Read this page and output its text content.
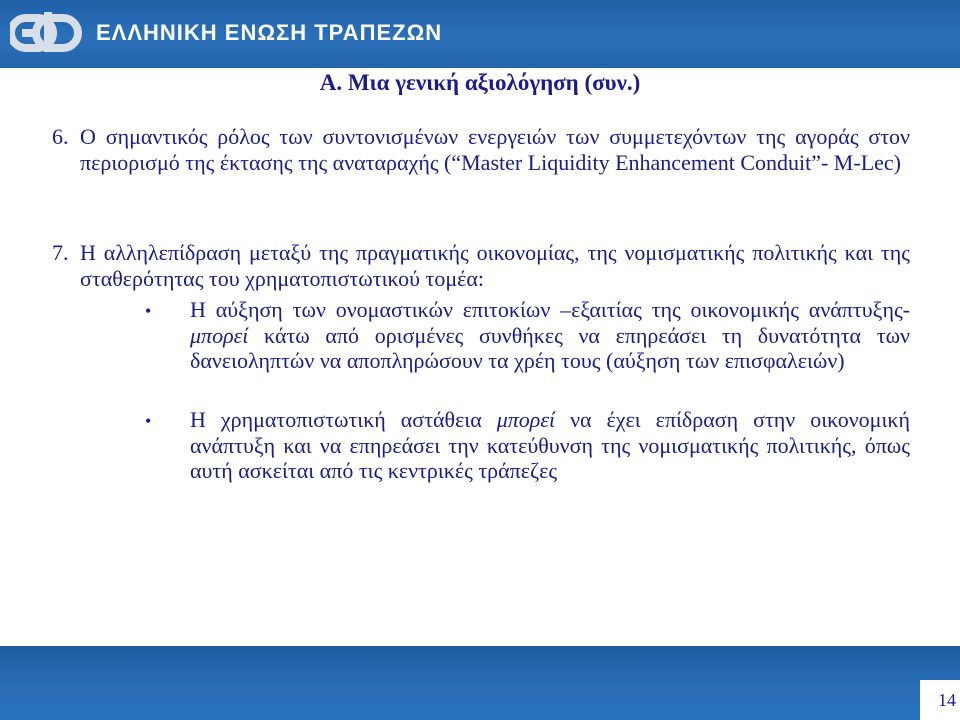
ΕΛΛΗΝΙΚΗ ΕΝΩΣΗ ΤΡΑΠΕΖΩΝ
Α. Μια γενική αξιολόγηση (συν.)
6. Ο σημαντικός ρόλος των συντονισμένων ενεργειών των συμμετεχόντων της αγοράς στον περιορισμό της έκτασης της αναταραχής (“Master Liquidity Enhancement Conduit”- M-Lec)
7. Η αλληλεπίδραση μεταξύ της πραγματικής οικονομίας, της νομισματικής πολιτικής και της σταθερότητας του χρηματοπιστωτικού τομέα:
• Η αύξηση των ονομαστικών επιτοκίων –εξαιτίας της οικονομικής ανάπτυξης- μπορεί κάτω από ορισμένες συνθήκες να επηρεάσει τη δυνατότητα των δανειοληπτών να αποπληρώσουν τα χρέη τους (αύξηση των επισφαλειών)
• Η χρηματοπιστωτική αστάθεια μπορεί να έχει επίδραση στην οικονομική ανάπτυξη και να επηρεάσει την κατεύθυνση της νομισματικής πολιτικής, όπως αυτή ασκείται από τις κεντρικές τράπεζες
14
